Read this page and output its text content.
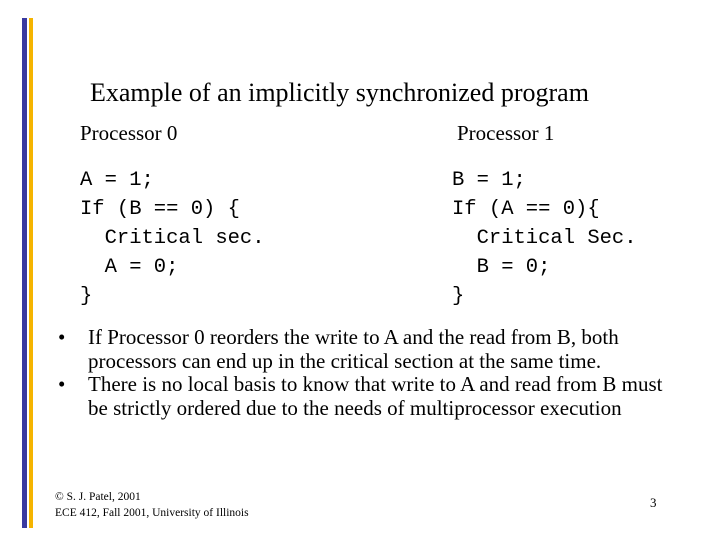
Example of an implicitly synchronized program
Processor 0	Processor 1
A = 1;
If (B == 0) {
Critical sec.
A = 0;
}
B = 1;
If (A == 0){
Critical Sec.
B = 0;
}
• If Processor 0 reorders the write to A and the read from B, both processors can end up in the critical section at the same time.
• There is no local basis to know that write to A and read from B must be strictly ordered due to the needs of multiprocessor execution
© S. J. Patel, 2001
ECE 412, Fall 2001, University of Illinois
3
